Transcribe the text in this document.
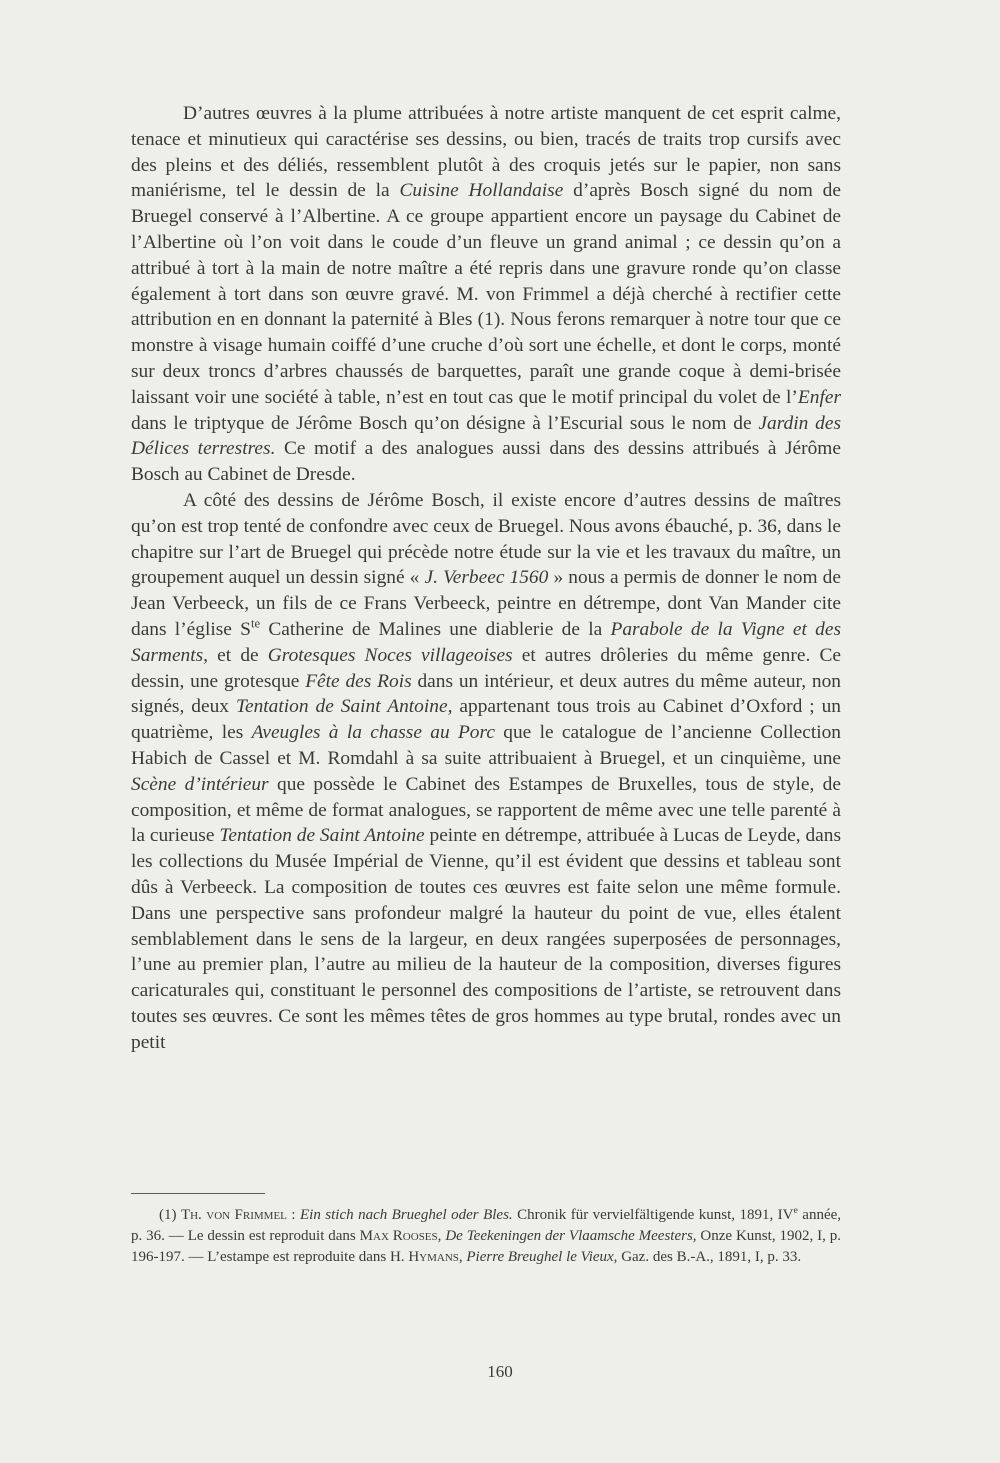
D’autres œuvres à la plume attribuées à notre artiste manquent de cet esprit calme, tenace et minutieux qui caractérise ses dessins, ou bien, tracés de traits trop cursifs avec des pleins et des déliés, ressemblent plutôt à des croquis jetés sur le papier, non sans maniérisme, tel le dessin de la Cuisine Hollandaise d’après Bosch signé du nom de Bruegel conservé à l’Albertine. A ce groupe appartient encore un paysage du Cabinet de l’Albertine où l’on voit dans le coude d’un fleuve un grand animal ; ce dessin qu’on a attribué à tort à la main de notre maître a été repris dans une gravure ronde qu’on classe également à tort dans son œuvre gravé. M. von Frimmel a déjà cherché à rectifier cette attribution en en donnant la paternité à Bles (1). Nous ferons remarquer à notre tour que ce monstre à visage humain coiffé d’une cruche d’où sort une échelle, et dont le corps, monté sur deux troncs d’arbres chaussés de barquettes, paraît une grande coque à demi-brisée laissant voir une société à table, n’est en tout cas que le motif principal du volet de l’Enfer dans le triptyque de Jérôme Bosch qu’on désigne à l’Escurial sous le nom de Jardin des Délices terrestres. Ce motif a des analogues aussi dans des dessins attribués à Jérôme Bosch au Cabinet de Dresde.

A côté des dessins de Jérôme Bosch, il existe encore d’autres dessins de maîtres qu’on est trop tenté de confondre avec ceux de Bruegel. Nous avons ébauché, p. 36, dans le chapitre sur l’art de Bruegel qui précède notre étude sur la vie et les travaux du maître, un groupement auquel un dessin signé « J. Verbeec 1560 » nous a permis de donner le nom de Jean Verbeeck, un fils de ce Frans Verbeeck, peintre en détrempe, dont Van Mander cite dans l’église $S^{te}$ Catherine de Malines une diablerie de la Parabole de la Vigne et des Sarments, et de Grotesques Noces villageoises et autres drôleries du même genre. Ce dessin, une grotesque Fête des Rois dans un intérieur, et deux autres du même auteur, non signés, deux Tentation de Saint Antoine, appartenant tous trois au Cabinet d’Oxford ; un quatrième, les Aveugles à la chasse au Porc que le catalogue de l’ancienne Collection Habich de Cassel et M. Romdahl à sa suite attribuaient à Bruegel, et un cinquième, une Scène d’intérieur que possède le Cabinet des Estampes de Bruxelles, tous de style, de composition, et même de format analogues, se rapportent de même avec une telle parenté à la curieuse Tentation de Saint Antoine peinte en détrempe, attribuée à Lucas de Leyde, dans les collections du Musée Impérial de Vienne, qu’il est évident que dessins et tableau sont dûs à Verbeeck. La composition de toutes ces œuvres est faite selon une même formule. Dans une perspective sans profondeur malgré la hauteur du point de vue, elles étalent semblablement dans le sens de la largeur, en deux rangées superposées de personnages, l’une au premier plan, l’autre au milieu de la hauteur de la composition, diverses figures caricaturales qui, constituant le personnel des compositions de l’artiste, se retrouvent dans toutes ses œuvres. Ce sont les mêmes têtes de gros hommes au type brutal, rondes avec un petit

(1) Th. von Frimmel : Ein stich nach Brueghel oder Bles. Chronik für vervielfältigende kunst, 1891, IVe année, p. 36. — Le dessin est reproduit dans Max Rooses, De Teekeningen der Vlaamsche Meesters, Onze Kunst, 1902, I, p. 196-197. — L’estampe est reproduite dans H. Hymans, Pierre Breughel le Vieux, Gaz. des B.-A., 1891, I, p. 33.

160
